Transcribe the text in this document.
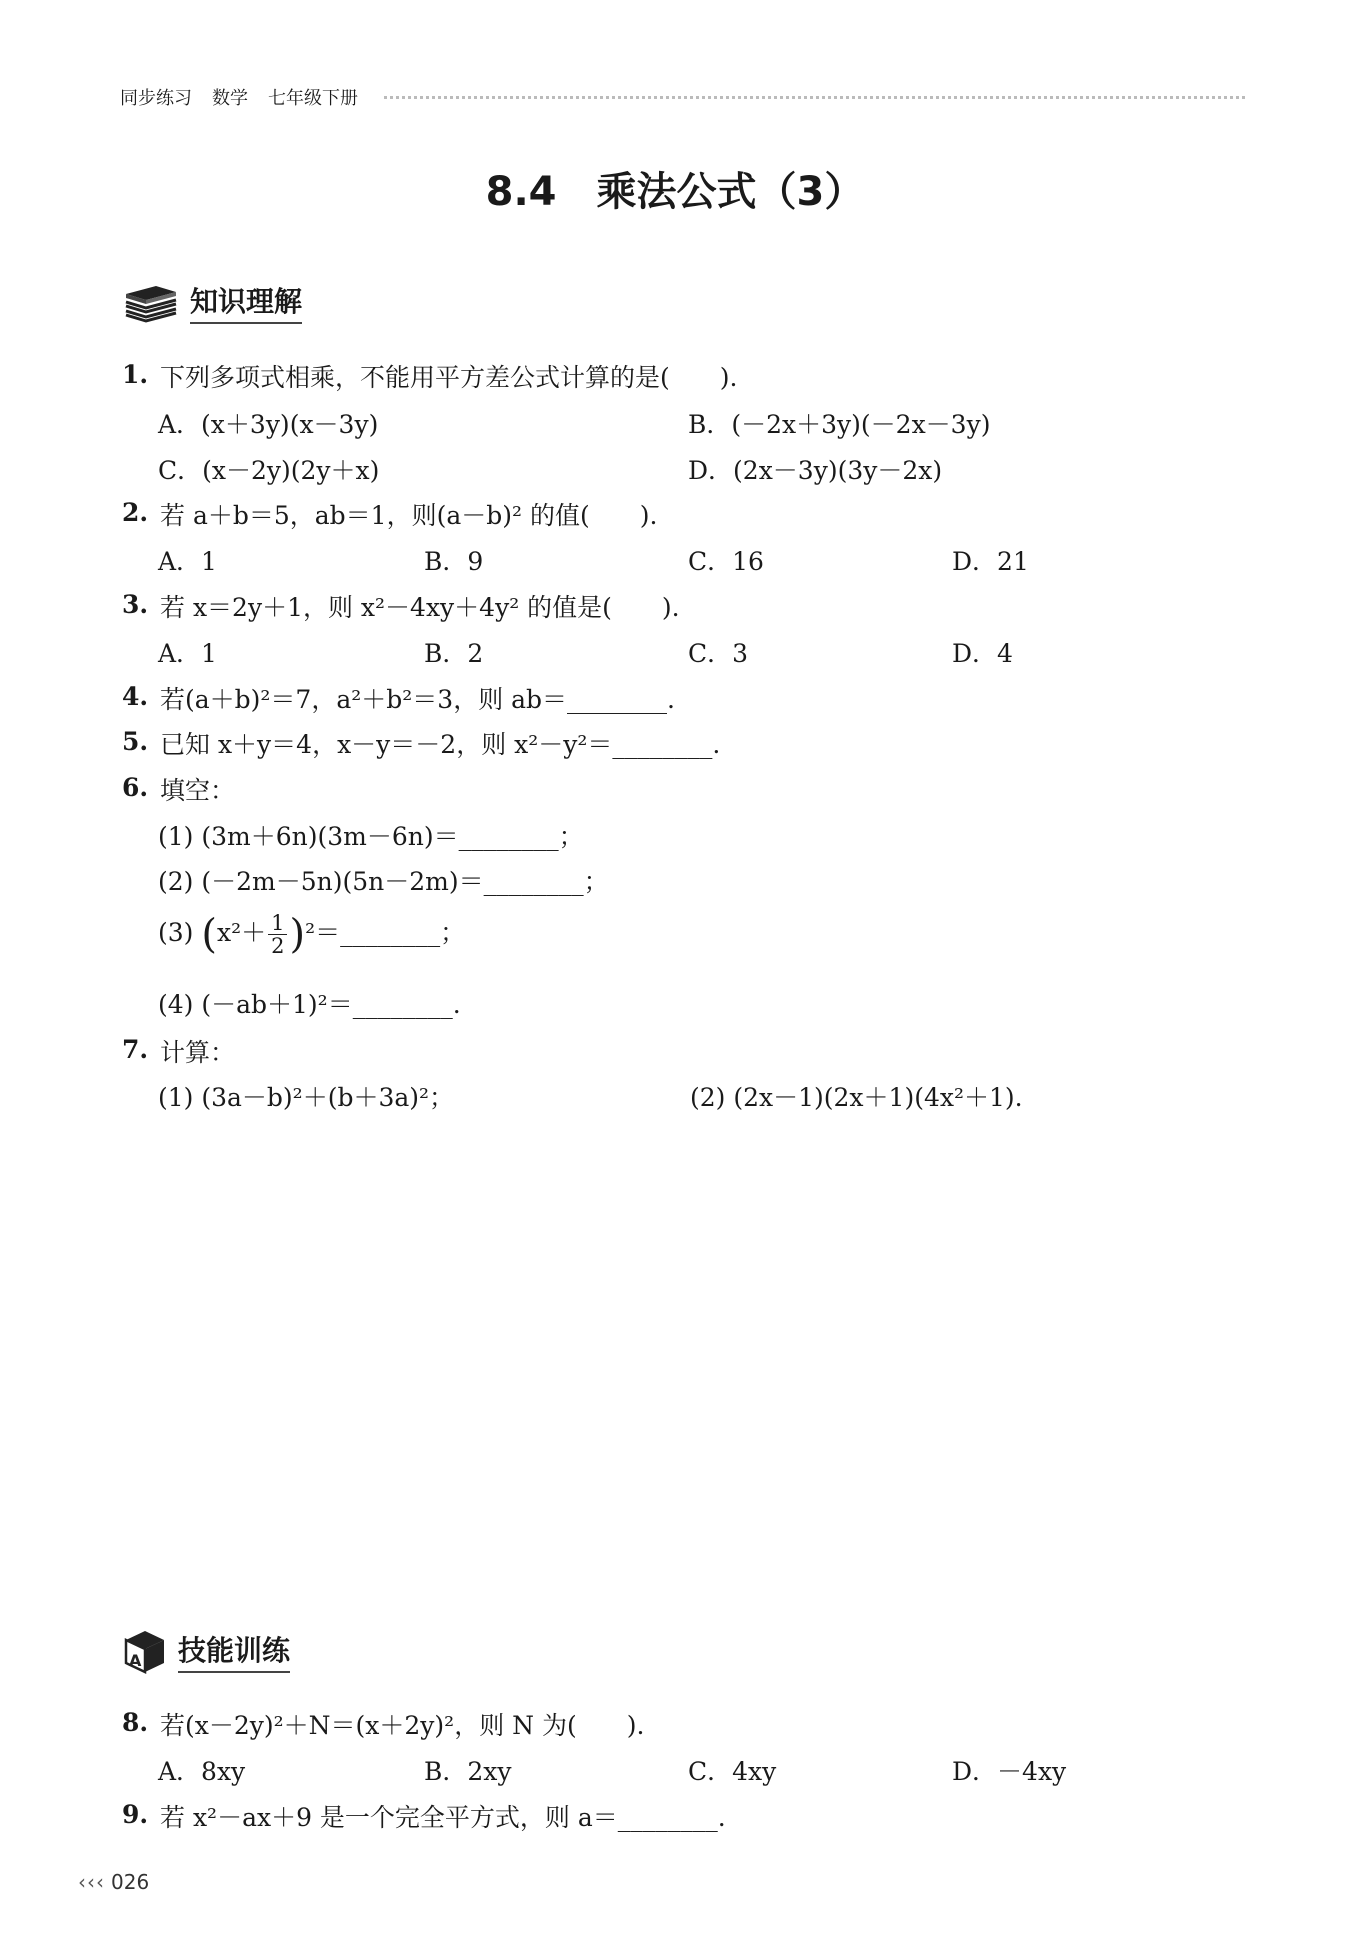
同步练习 数学 七年级下册
8.4　乘法公式（3）
知识理解
1. 下列多项式相乘，不能用平方差公式计算的是(　　).
A．(x＋3y)(x－3y)	B．(－2x＋3y)(－2x－3y)
C．(x－2y)(2y＋x)	D．(2x－3y)(3y－2x)
2. 若 a＋b＝5，ab＝1，则(a－b)² 的值(　　).
A．1	B．9	C．16	D．21
3. 若 x＝2y＋1，则 x²－4xy＋4y² 的值是(　　).
A．1	B．2	C．3	D．4
4. 若(a＋b)²＝7，a²＋b²＝3，则 ab＝________.
5. 已知 x＋y＝4，x－y＝－2，则 x²－y²＝________.
6. 填空：
(1) (3m＋6n)(3m－6n)＝________；
(2) (－2m－5n)(5n－2m)＝________；
(3) ($x^2+ \frac{1}{2}$ )²＝________；
(4) (－ab＋1)²＝________.
7. 计算：
(1) (3a－b)²＋(b＋3a)²；	(2) (2x－1)(2x＋1)(4x²＋1).
A 技能训练
8. 若(x－2y)²＋N＝(x＋2y)²，则 N 为(　　).
A．8xy	B．2xy	C．4xy	D．－4xy
9. 若 x²－ax＋9 是一个完全平方式，则 a＝________.
‹‹‹ 026
